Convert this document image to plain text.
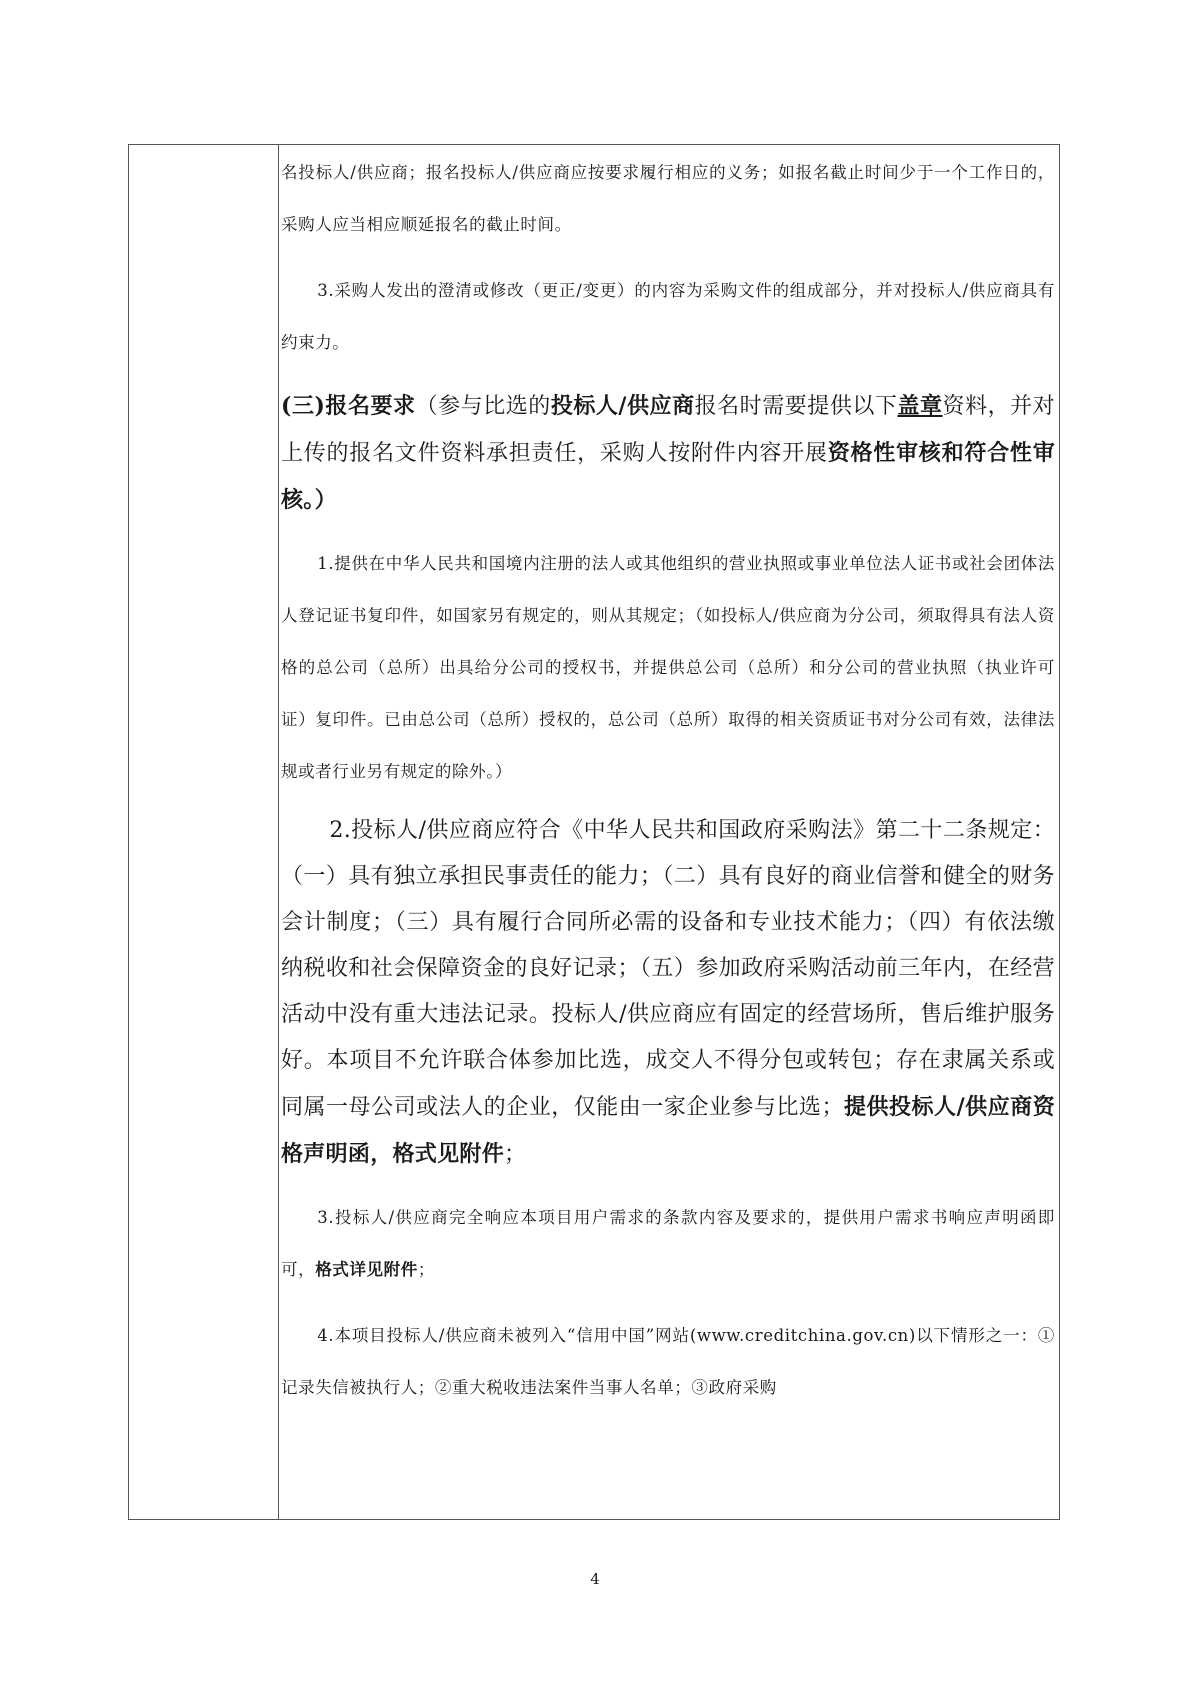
名投标人/供应商；报名投标人/供应商应按要求履行相应的义务；如报名截止时间少于一个工作日的，采购人应当相应顺延报名的截止时间。

3.采购人发出的澄清或修改（更正/变更）的内容为采购文件的组成部分，并对投标人/供应商具有约束力。

(三)报名要求（参与比选的投标人/供应商报名时需要提供以下盖章资料，并对上传的报名文件资料承担责任，采购人按附件内容开展资格性审核和符合性审核。）

1.提供在中华人民共和国境内注册的法人或其他组织的营业执照或事业单位法人证书或社会团体法人登记证书复印件，如国家另有规定的，则从其规定；（如投标人/供应商为分公司，须取得具有法人资格的总公司（总所）出具给分公司的授权书，并提供总公司（总所）和分公司的营业执照（执业许可证）复印件。已由总公司（总所）授权的，总公司（总所）取得的相关资质证书对分公司有效，法律法规或者行业另有规定的除外。）

2.投标人/供应商应符合《中华人民共和国政府采购法》第二十二条规定：（一）具有独立承担民事责任的能力；（二）具有良好的商业信誉和健全的财务会计制度；（三）具有履行合同所必需的设备和专业技术能力；（四）有依法缴纳税收和社会保障资金的良好记录；（五）参加政府采购活动前三年内，在经营活动中没有重大违法记录。投标人/供应商应有固定的经营场所，售后维护服务好。本项目不允许联合体参加比选，成交人不得分包或转包；存在隶属关系或同属一母公司或法人的企业，仅能由一家企业参与比选；提供投标人/供应商资格声明函，格式见附件；

3.投标人/供应商完全响应本项目用户需求的条款内容及要求的，提供用户需求书响应声明函即可，格式详见附件；

4.本项目投标人/供应商未被列入“信用中国”网站(www.creditchina.gov.cn)以下情形之一：①记录失信被执行人；②重大税收违法案件当事人名单；③政府采购

4
